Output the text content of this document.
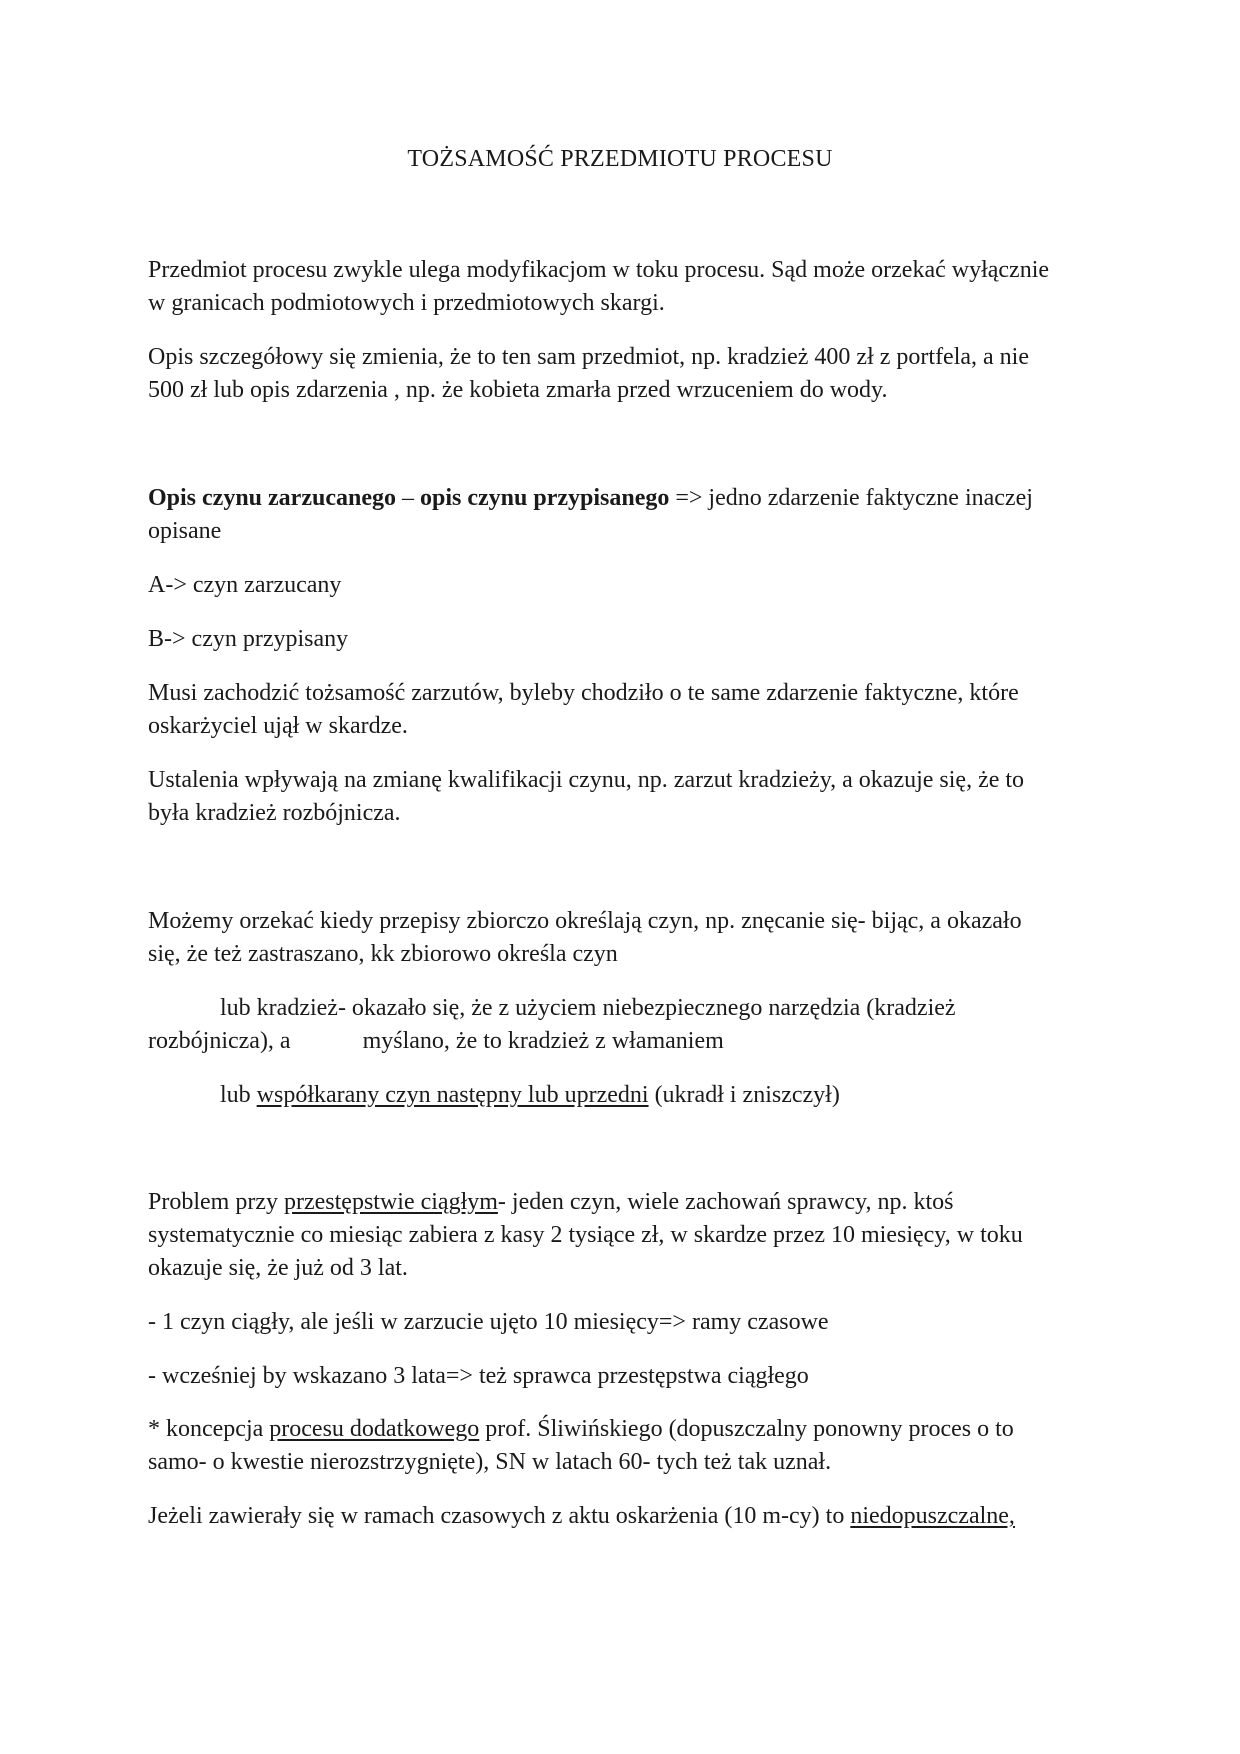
TOŻSAMOŚĆ PRZEDMIOTU PROCESU

Przedmiot procesu zwykle ulega modyfikacjom w toku procesu. Sąd może orzekać wyłącznie
w granicach podmiotowych i przedmiotowych skargi.

Opis szczegółowy się zmienia, że to ten sam przedmiot, np. kradzież 400 zł z portfela, a nie
500 zł lub opis zdarzenia , np. że kobieta zmarła przed wrzuceniem do wody.

Opis czynu zarzucanego – opis czynu przypisanego => jedno zdarzenie faktyczne inaczej
opisane

A-> czyn zarzucany

B-> czyn przypisany

Musi zachodzić tożsamość zarzutów, byleby chodziło o te same zdarzenie faktyczne, które
oskarżyciel ujął w skardze.

Ustalenia wpływają na zmianę kwalifikacji czynu, np. zarzut kradzieży, a okazuje się, że to
była kradzież rozbójnicza.

Możemy orzekać kiedy przepisy zbiorczo określają czyn, np. znęcanie się- bijąc, a okazało
się, że też zastraszano, kk zbiorowo określa czyn

lub kradzież- okazało się, że z użyciem niebezpiecznego narzędzia (kradzież
rozbójnicza), a	myślano, że to kradzież z włamaniem

lub współkarany czyn następny lub uprzedni (ukradł i zniszczył)

Problem przy przestępstwie ciągłym- jeden czyn, wiele zachowań sprawcy, np. ktoś
systematycznie co miesiąc zabiera z kasy 2 tysiące zł, w skardze przez 10 miesięcy, w toku
okazuje się, że już od 3 lat.

- 1 czyn ciągły, ale jeśli w zarzucie ujęto 10 miesięcy=> ramy czasowe

- wcześniej by wskazano 3 lata=> też sprawca przestępstwa ciągłego

* koncepcja procesu dodatkowego prof. Śliwińskiego (dopuszczalny ponowny proces o to
samo- o kwestie nierozstrzygnięte), SN w latach 60- tych też tak uznał.

Jeżeli zawierały się w ramach czasowych z aktu oskarżenia (10 m-cy) to niedopuszczalne,
